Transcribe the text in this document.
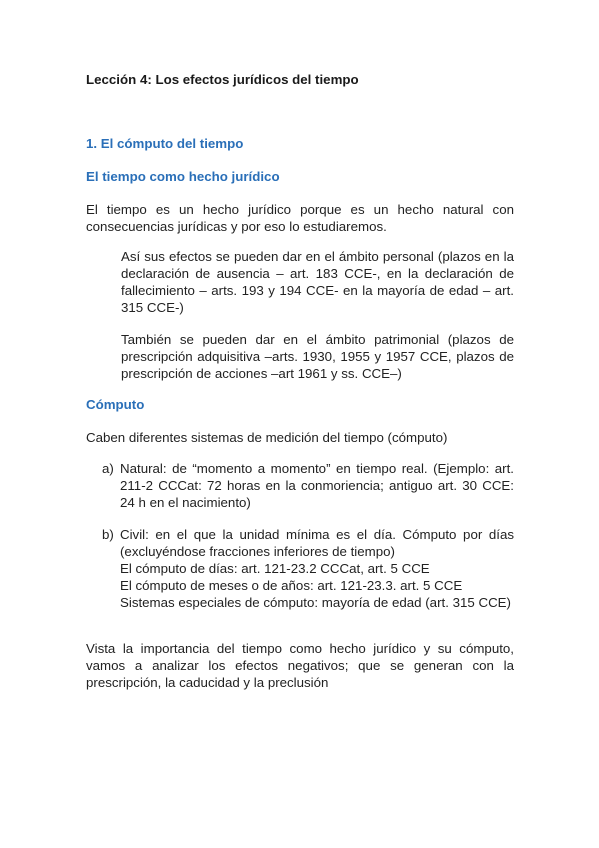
Lección 4: Los efectos jurídicos del tiempo

1. El cómputo del tiempo

El tiempo como hecho jurídico

El tiempo es un hecho jurídico porque es un hecho natural con consecuencias jurídicas y por eso lo estudiaremos.

Así sus efectos se pueden dar en el ámbito personal (plazos en la declaración de ausencia – art. 183 CCE-, en la declaración de fallecimiento – arts. 193 y 194 CCE- en la mayoría de edad – art. 315 CCE-)

También se pueden dar en el ámbito patrimonial (plazos de prescripción adquisitiva –arts. 1930, 1955 y 1957 CCE, plazos de prescripción de acciones –art 1961 y ss. CCE–)

Cómputo

Caben diferentes sistemas de medición del tiempo (cómputo)

a) Natural: de “momento a momento” en tiempo real. (Ejemplo: art. 211-2 CCCat: 72 horas en la conmoriencia; antiguo art. 30 CCE: 24 h en el nacimiento)
b) Civil: en el que la unidad mínima es el día. Cómputo por días (excluyéndose fracciones inferiores de tiempo)
El cómputo de días: art. 121-23.2 CCCat, art. 5 CCE
El cómputo de meses o de años: art. 121-23.3. art. 5 CCE
Sistemas especiales de cómputo: mayoría de edad (art. 315 CCE)

Vista la importancia del tiempo como hecho jurídico y su cómputo, vamos a analizar los efectos negativos; que se generan con la prescripción, la caducidad y la preclusión
